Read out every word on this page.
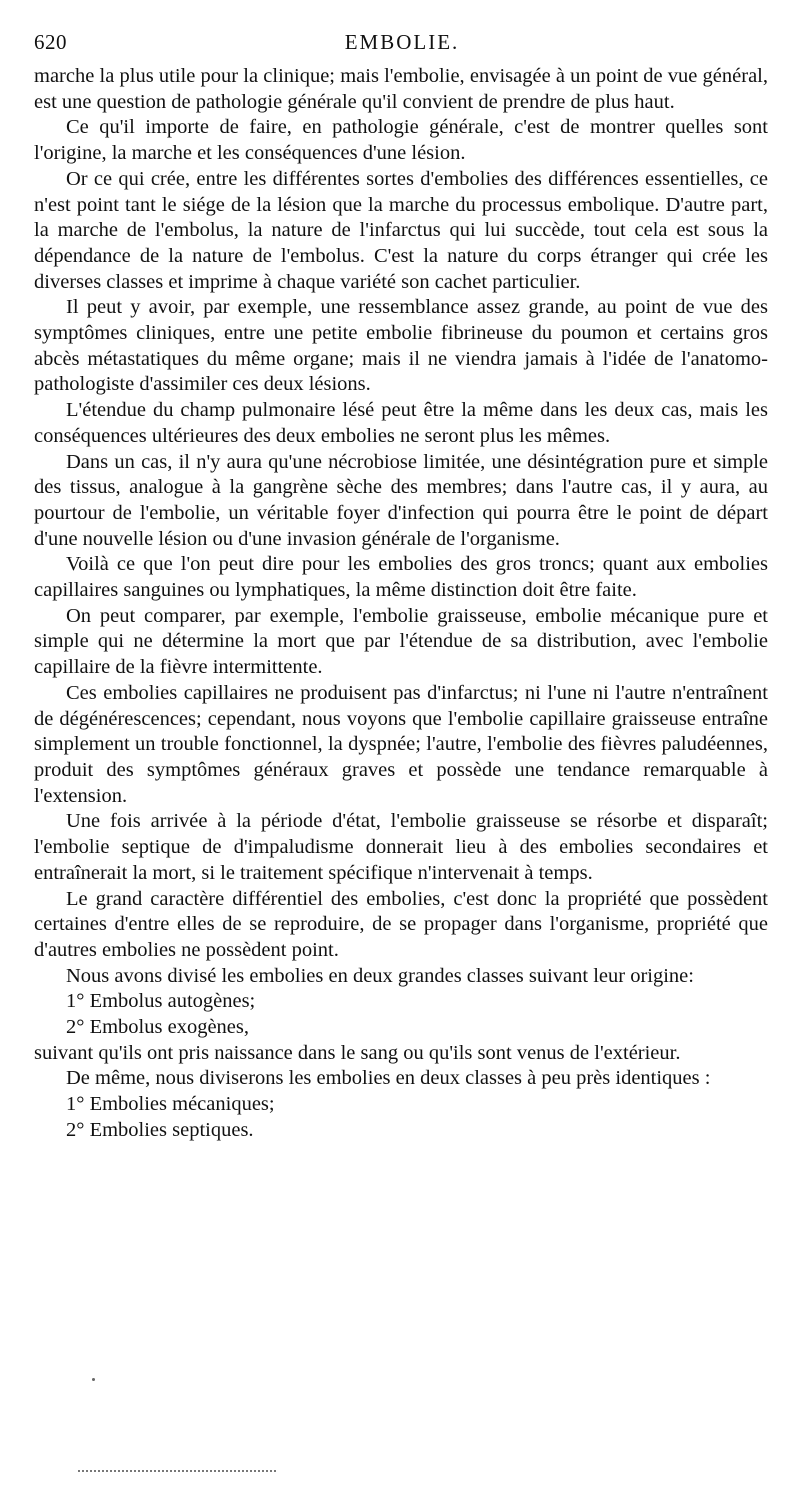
620	EMBOLIE.

marche la plus utile pour la clinique; mais l'embolie, envisagée à un point de vue général, est une question de pathologie générale qu'il convient de prendre de plus haut.

Ce qu'il importe de faire, en pathologie générale, c'est de montrer quelles sont l'origine, la marche et les conséquences d'une lésion.

Or ce qui crée, entre les différentes sortes d'embolies des différences essentielles, ce n'est point tant le siége de la lésion que la marche du processus embolique. D'autre part, la marche de l'embolus, la nature de l'infarctus qui lui succède, tout cela est sous la dépendance de la nature de l'embolus. C'est la nature du corps étranger qui crée les diverses classes et imprime à chaque variété son cachet particulier.

Il peut y avoir, par exemple, une ressemblance assez grande, au point de vue des symptômes cliniques, entre une petite embolie fibrineuse du poumon et certains gros abcès métastatiques du même organe; mais il ne viendra jamais à l'idée de l'anatomo-pathologiste d'assimiler ces deux lésions.

L'étendue du champ pulmonaire lésé peut être la même dans les deux cas, mais les conséquences ultérieures des deux embolies ne seront plus les mêmes.

Dans un cas, il n'y aura qu'une nécrobiose limitée, une désintégration pure et simple des tissus, analogue à la gangrène sèche des membres; dans l'autre cas, il y aura, au pourtour de l'embolie, un véritable foyer d'infection qui pourra être le point de départ d'une nouvelle lésion ou d'une invasion générale de l'organisme.

Voilà ce que l'on peut dire pour les embolies des gros troncs; quant aux embolies capillaires sanguines ou lymphatiques, la même distinction doit être faite.

On peut comparer, par exemple, l'embolie graisseuse, embolie mécanique pure et simple qui ne détermine la mort que par l'étendue de sa distribution, avec l'embolie capillaire de la fièvre intermittente.

Ces embolies capillaires ne produisent pas d'infarctus; ni l'une ni l'autre n'entraînent de dégénérescences; cependant, nous voyons que l'embolie capillaire graisseuse entraîne simplement un trouble fonctionnel, la dyspnée; l'autre, l'embolie des fièvres paludéennes, produit des symptômes généraux graves et possède une tendance remarquable à l'extension.

Une fois arrivée à la période d'état, l'embolie graisseuse se résorbe et disparaît; l'embolie septique de d'impaludisme donnerait lieu à des embolies secondaires et entraînerait la mort, si le traitement spécifique n'intervenait à temps.

Le grand caractère différentiel des embolies, c'est donc la propriété que possèdent certaines d'entre elles de se reproduire, de se propager dans l'organisme, propriété que d'autres embolies ne possèdent point.

Nous avons divisé les embolies en deux grandes classes suivant leur origine:

1° Embolus autogènes;

2° Embolus exogènes,

suivant qu'ils ont pris naissance dans le sang ou qu'ils sont venus de l'extérieur.

De même, nous diviserons les embolies en deux classes à peu près identiques :

1° Embolies mécaniques;

2° Embolies septiques.
